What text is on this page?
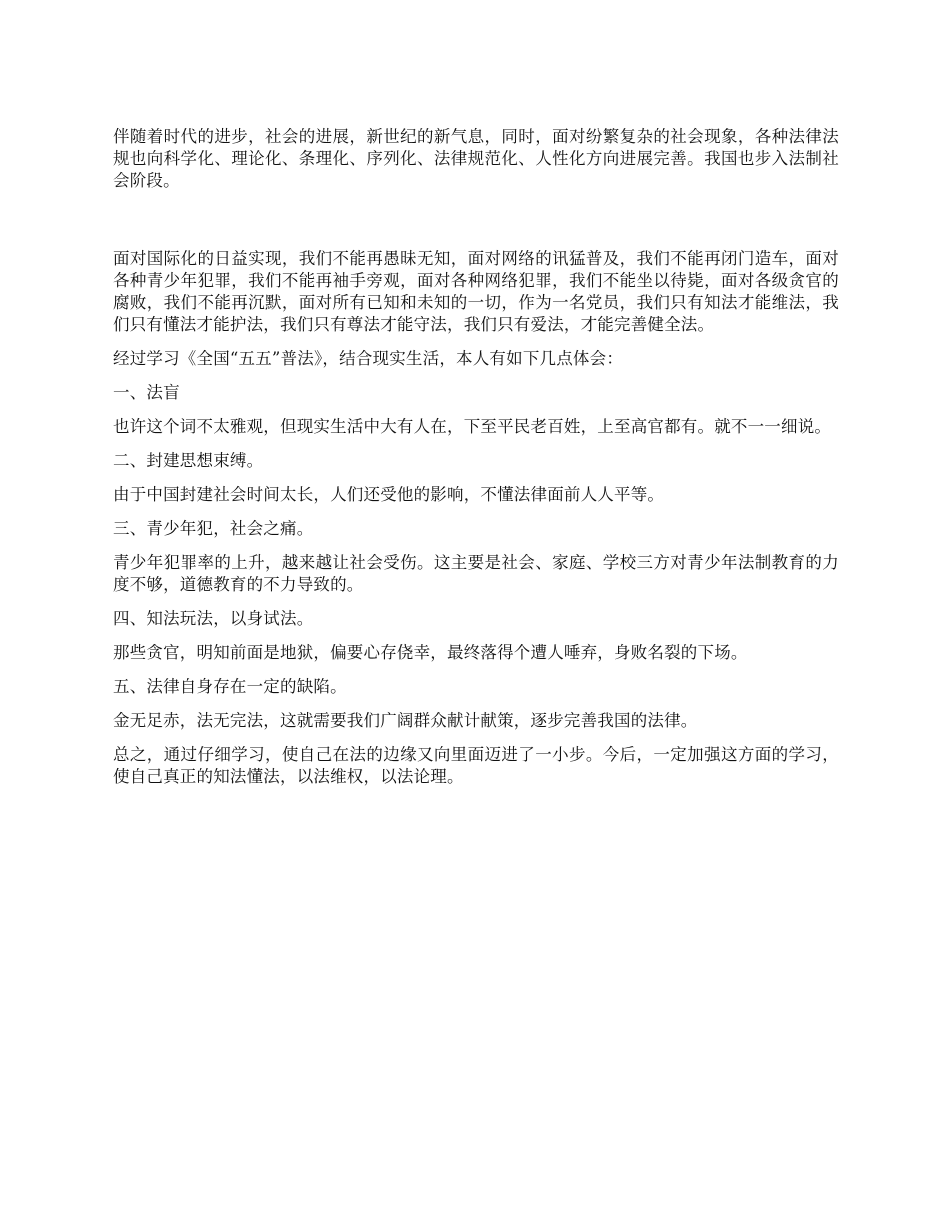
伴随着时代的进步，社会的进展，新世纪的新气息，同时，面对纷繁复杂的社会现象，各种法律法规也向科学化、理论化、条理化、序列化、法律规范化、人性化方向进展完善。我国也步入法制社会阶段。

面对国际化的日益实现，我们不能再愚昧无知，面对网络的讯猛普及，我们不能再闭门造车，面对各种青少年犯罪，我们不能再袖手旁观，面对各种网络犯罪，我们不能坐以待毙，面对各级贪官的腐败，我们不能再沉默，面对所有已知和未知的一切，作为一名党员，我们只有知法才能维法，我们只有懂法才能护法，我们只有尊法才能守法，我们只有爱法，才能完善健全法。

经过学习《全国“五五”普法》，结合现实生活，本人有如下几点体会：

一、法盲

也许这个词不太雅观，但现实生活中大有人在，下至平民老百姓，上至高官都有。就不一一细说。

二、封建思想束缚。

由于中国封建社会时间太长，人们还受他的影响，不懂法律面前人人平等。

三、青少年犯，社会之痛。

青少年犯罪率的上升，越来越让社会受伤。这主要是社会、家庭、学校三方对青少年法制教育的力度不够，道德教育的不力导致的。

四、知法玩法，以身试法。

那些贪官，明知前面是地狱，偏要心存侥幸，最终落得个遭人唾弃，身败名裂的下场。

五、法律自身存在一定的缺陷。

金无足赤，法无完法，这就需要我们广阔群众献计献策，逐步完善我国的法律。

总之，通过仔细学习，使自己在法的边缘又向里面迈进了一小步。今后，一定加强这方面的学习，使自己真正的知法懂法，以法维权，以法论理。
